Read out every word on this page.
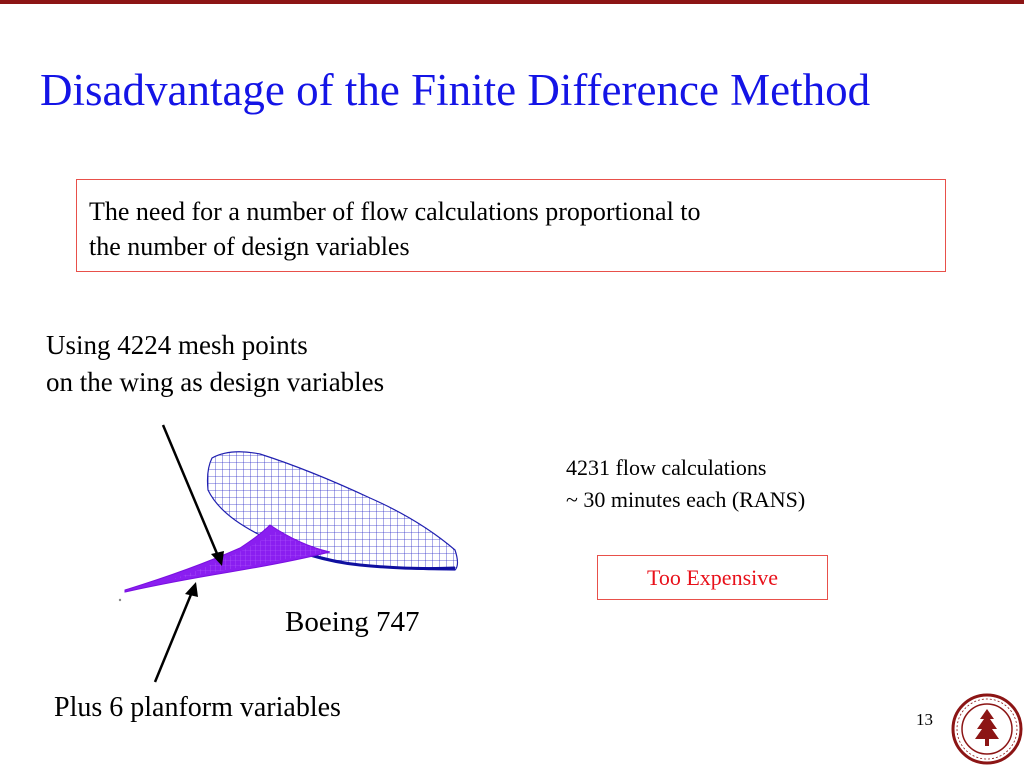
Disadvantage of the Finite Difference Method
The need for a number of flow calculations proportional to
the number of design variables
Using 4224 mesh points
on the wing as design variables
4231 flow calculations
~ 30 minutes each (RANS)
Too Expensive
Boeing 747
Plus 6 planform variables	13
